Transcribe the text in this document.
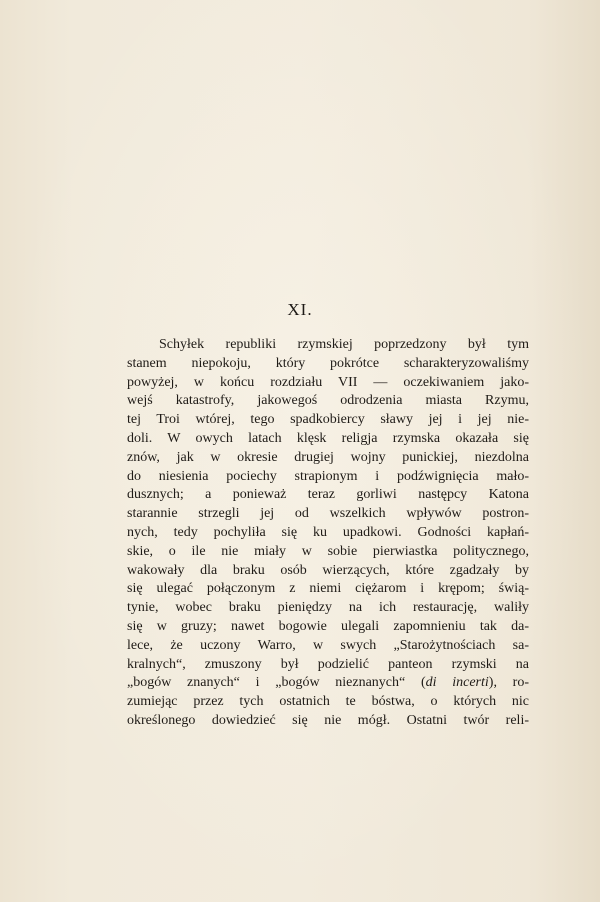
XI.
Schyłek republiki rzymskiej poprzedzony był tym
stanem niepokoju, który pokrótce scharakteryzowaliśmy
powyżej, w końcu rozdziału VII — oczekiwaniem jako-
wejś katastrofy, jakowegoś odrodzenia miasta Rzymu,
tej Troi wtórej, tego spadkobiercy sławy jej i jej nie-
doli. W owych latach klęsk religja rzymska okazała się
znów, jak w okresie drugiej wojny punickiej, niezdolna
do niesienia pociechy strapionym i podźwignięcia mało-
dusznych; a ponieważ teraz gorliwi następcy Katona
starannie strzegli jej od wszelkich wpływów postron-
nych, tedy pochyliła się ku upadkowi. Godności kapłań-
skie, o ile nie miały w sobie pierwiastka politycznego,
wakowały dla braku osób wierzących, które zgadzały by
się ulegać połączonym z niemi ciężarom i krępom; świą-
tynie, wobec braku pieniędzy na ich restaurację, waliły
się w gruzy; nawet bogowie ulegali zapomnieniu tak da-
lece, że uczony Warro, w swych „Starożytnościach sa-
kralnych“, zmuszony był podzielić panteon rzymski na
„bogów znanych“ i „bogów nieznanych“ (di incerti), ro-
zumiejąc przez tych ostatnich te bóstwa, o których nic
określonego dowiedzieć się nie mógł. Ostatni twór reli-
